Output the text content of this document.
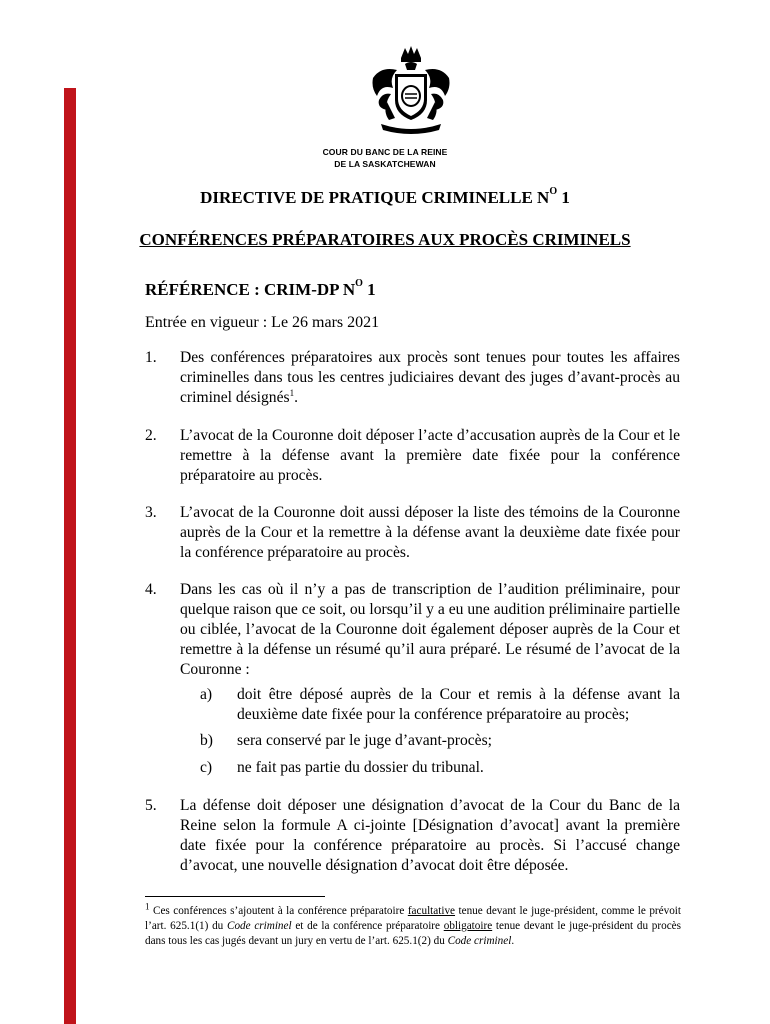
COUR DU BANC DE LA REINE
DE LA SASKATCHEWAN
DIRECTIVE DE PRATIQUE CRIMINELLE $N^O$ 1
CONFÉRENCES PRÉPARATOIRES AUX PROCÈS CRIMINELS
RÉFÉRENCE : CRIM-DP $N^O$ 1
Entrée en vigueur : Le 26 mars 2021
1. Des conférences préparatoires aux procès sont tenues pour toutes les affaires criminelles dans tous les centres judiciaires devant des juges d’avant-procès au criminel désignés$^1$.
2. L’avocat de la Couronne doit déposer l’acte d’accusation auprès de la Cour et le remettre à la défense avant la première date fixée pour la conférence préparatoire au procès.
3. L’avocat de la Couronne doit aussi déposer la liste des témoins de la Couronne auprès de la Cour et la remettre à la défense avant la deuxième date fixée pour la conférence préparatoire au procès.
4. Dans les cas où il n’y a pas de transcription de l’audition préliminaire, pour quelque raison que ce soit, ou lorsqu’il y a eu une audition préliminaire partielle ou ciblée, l’avocat de la Couronne doit également déposer auprès de la Cour et remettre à la défense un résumé qu’il aura préparé. Le résumé de l’avocat de la Couronne :
a) doit être déposé auprès de la Cour et remis à la défense avant la deuxième date fixée pour la conférence préparatoire au procès;
b) sera conservé par le juge d’avant-procès;
c) ne fait pas partie du dossier du tribunal.
5. La défense doit déposer une désignation d’avocat de la Cour du Banc de la Reine selon la formule A ci-jointe [Désignation d’avocat] avant la première date fixée pour la conférence préparatoire au procès. Si l’accusé change d’avocat, une nouvelle désignation d’avocat doit être déposée.
$^1$ Ces conférences s’ajoutent à la conférence préparatoire facultative tenue devant le juge-président, comme le prévoit l’art. 625.1(1) du Code criminel et de la conférence préparatoire obligatoire tenue devant le juge-président du procès dans tous les cas jugés devant un jury en vertu de l’art. 625.1(2) du Code criminel.
